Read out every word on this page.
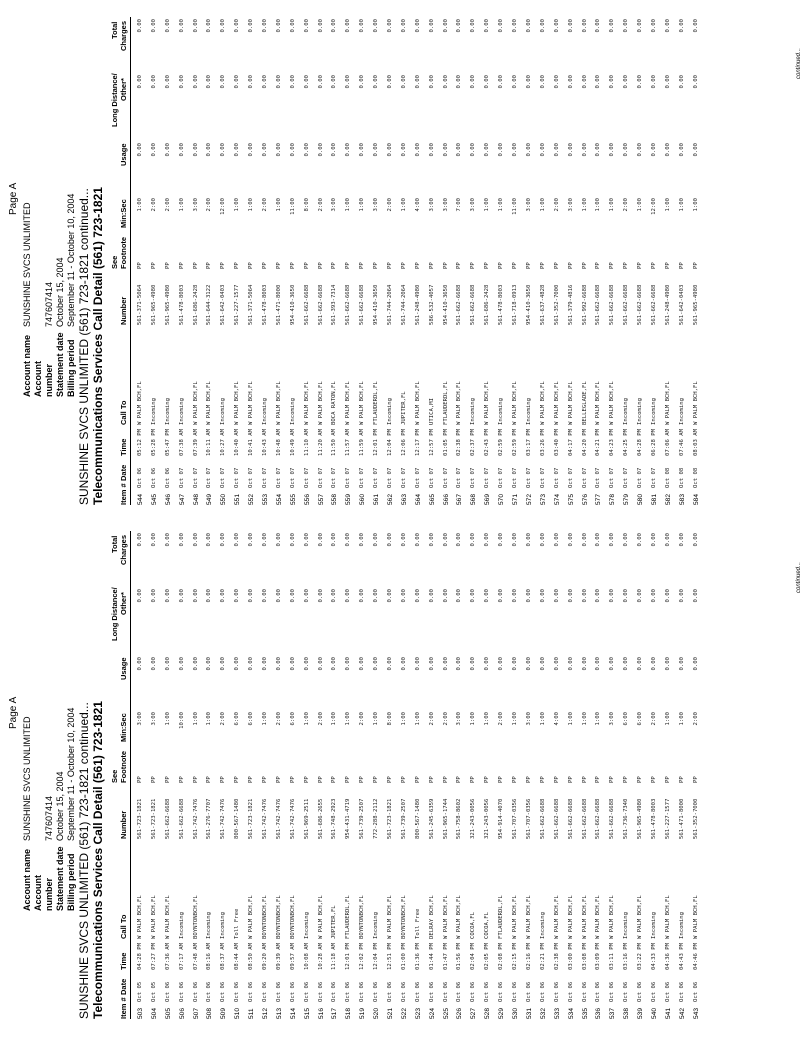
Page A
Account nameSUNSHINE SVCS UNLIMITED
Account number747607414
Statement dateOctober 15, 2004
Billing periodSeptember 11 - October 10, 2004 SUNSHINE SVCS UNLIMITED (561) 723-1821 continued... Telecommunications Services Call Detail (561) 723-1821 Item #
Date
Time
Call To
Number
See Footnote
Min:Sec
Usage
Long Distance/ Other*
Total Charges
503
Oct 05
04:28 PM
W PALM BCH,FL
561-723-1821
PP
3:00
0.00
0.00
0.00
504
Oct 05
07:27 PM
W PALM BCH,FL
561-723-1821
PP
3:00
0.00
0.00
0.00
505
Oct 06
07:36 AM
W PALM BCH,FL
561-662-6688
PP
1:00
0.00
0.00
0.00
506
Oct 06
07:17 AM
Incoming
561-662-6688
PP
10:00
0.00
0.00
0.00
507
Oct 06
07:48 AM
BOYNTONBCH,FL
561-742-7476
PP
1:00
0.00
0.00
0.00
508
Oct 06
08:16 AM
Incoming
561-276-7707
PP
1:00
0.00
0.00
0.00
509
Oct 06
08:37 AM
Incoming
561-742-7476
PP
2:00
0.00
0.00
0.00
510
Oct 06
08:44 AM
Toll Free
800-567-1480
PP
6:00
0.00
0.00
0.00
511
Oct 06
08:50 AM
W PALM BCH,FL
561-723-1821
PP
6:00
0.00
0.00
0.00
512
Oct 06
09:20 AM
BOYNTONBCH,FL
561-742-7476
PP
1:00
0.00
0.00
0.00
513
Oct 06
09:39 AM
BOYNTONBCH,FL
561-742-7476
PP
2:00
0.00
0.00
0.00
514
Oct 06
09:57 AM
BOYNTONBCH,FL
561-742-7476
PP
6:00
0.00
0.00
0.00
515
Oct 06
10:08 AM
Incoming
561-969-2511
PP
1:00
0.00
0.00
0.00
516
Oct 06
10:28 AM
W PALM BCH,FL
561-686-2655
PP
2:00
0.00
0.00
0.00
517
Oct 06
11:18 AM
JUPITER,FL
561-748-2923
PP
1:00
0.00
0.00
0.00
518
Oct 06
12:01 PM
FTLAUDERDL,FL
954-431-4719
PP
1:00
0.00
0.00
0.00
519
Oct 06
12:02 PM
BOYNTONBCH,FL
561-739-2507
PP
2:00
0.00
0.00
0.00
520
Oct 06
12:04 PM
Incoming
772-288-2112
PP
1:00
0.00
0.00
0.00
521
Oct 06
12:51 PM
W PALM BCH,FL
561-723-1821
PP
8:00
0.00
0.00
0.00
522
Oct 06
01:00 PM
BOYNTONBCH,FL
561-739-2507
PP
1:00
0.00
0.00
0.00
523
Oct 06
01:36 PM
Toll Free
800-567-1480
PP
1:00
0.00
0.00
0.00
524
Oct 06
01:44 PM
DELRAY BCH,FL
561-245-6359
PP
2:00
0.00
0.00
0.00
525
Oct 06
01:47 PM
W PALM BCH,FL
561-965-1744
PP
2:00
0.00
0.00
0.00
526
Oct 06
01:56 PM
W PALM BCH,FL
561-758-8602
PP
3:00
0.00
0.00
0.00
527
Oct 06
02:04 PM
COCOA,FL
321-243-0056
PP
1:00
0.00
0.00
0.00
528
Oct 06
02:05 PM
COCOA,FL
321-243-0056
PP
1:00
0.00
0.00
0.00
529
Oct 06
02:08 PM
FTLAUDERDL,FL
954-914-4070
PP
2:00
0.00
0.00
0.00
530
Oct 06
02:15 PM
W PALM BCH,FL
561-707-0356
PP
1:00
0.00
0.00
0.00
531
Oct 06
02:16 PM
W PALM BCH,FL
561-707-0356
PP
3:00
0.00
0.00
0.00
532
Oct 06
02:21 PM
Incoming
561-662-6688
PP
1:00
0.00
0.00
0.00
533
Oct 06
02:38 PM
W PALM BCH,FL
561-662-6688
PP
4:00
0.00
0.00
0.00
534
Oct 06
03:00 PM
W PALM BCH,FL
561-662-6688
PP
1:00
0.00
0.00
0.00
535
Oct 06
03:08 PM
W PALM BCH,FL
561-662-6688
PP
1:00
0.00
0.00
0.00
536
Oct 06
03:09 PM
W PALM BCH,FL
561-662-6688
PP
1:00
0.00
0.00
0.00
537
Oct 06
03:11 PM
W PALM BCH,FL
561-662-6688
PP
3:00
0.00
0.00
0.00
538
Oct 06
03:16 PM
Incoming
561-736-7340
PP
6:00
0.00
0.00
0.00
539
Oct 06
03:22 PM
W PALM BCH,FL
561-965-4980
PP
6:00
0.00
0.00
0.00
540
Oct 06
04:33 PM
Incoming
561-478-8003
PP
2:00
0.00
0.00
0.00
541
Oct 06
04:36 PM
W PALM BCH,FL
561-227-1577
PP
1:00
0.00
0.00
0.00
542
Oct 06
04:43 PM
Incoming
561-471-8000
PP
1:00
0.00
0.00
0.00
543
Oct 06
04:46 PM
W PALM BCH,FL
561-352-7000
PP
2:00
0.00
0.00
0.00
continued...
Page A
Account nameSUNSHINE SVCS UNLIMITED
Account number747607414
Statement dateOctober 15, 2004
Billing periodSeptember 11 - October 10, 2004 SUNSHINE SVCS UNLIMITED (561) 723-1821 continued... Telecommunications Services Call Detail (561) 723-1821 Item #
Date
Time
Call To
Number
See Footnote
Min:Sec
Usage
Long Distance/ Other*
Total Charges
544
Oct 06
05:12 PM
W PALM BCH,FL
561-371-5064
PP
1:00
0.00
0.00
0.00
545
Oct 06
05:28 PM
Incoming
561-965-4980
PP
2:00
0.00
0.00
0.00
546
Oct 06
05:47 PM
Incoming
561-965-4980
PP
2:00
0.00
0.00
0.00
547
Oct 07
07:38 AM
Incoming
561-478-8003
PP
1:00
0.00
0.00
0.00
548
Oct 07
07:39 AM
W PALM BCH,FL
561-686-2428
PP
3:00
0.00
0.00
0.00
549
Oct 07
10:11 AM
W PALM BCH,FL
561-644-3122
PP
2:00
0.00
0.00
0.00
550
Oct 07
10:27 AM
Incoming
561-642-0403
PP
12:00
0.00
0.00
0.00
551
Oct 07
10:40 AM
W PALM BCH,FL
561-227-1577
PP
1:00
0.00
0.00
0.00
552
Oct 07
10:41 AM
W PALM BCH,FL
561-371-5064
PP
1:00
0.00
0.00
0.00
553
Oct 07
10:43 AM
Incoming
561-478-8003
PP
2:00
0.00
0.00
0.00
554
Oct 07
10:48 AM
W PALM BCH,FL
561-471-8000
PP
1:00
0.00
0.00
0.00
555
Oct 07
10:49 AM
Incoming
954-410-3650
PP
11:00
0.00
0.00
0.00
556
Oct 07
11:10 AM
W PALM BCH,FL
561-662-6688
PP
8:00
0.00
0.00
0.00
557
Oct 07
11:20 AM
W PALM BCH,FL
561-662-6688
PP
2:00
0.00
0.00
0.00
558
Oct 07
11:50 AM
BOCA RATON,FL
561-393-7314
PP
3:00
0.00
0.00
0.00
559
Oct 07
11:57 AM
W PALM BCH,FL
561-662-6688
PP
1:00
0.00
0.00
0.00
560
Oct 07
11:59 AM
W PALM BCH,FL
561-662-6688
PP
1:00
0.00
0.00
0.00
561
Oct 07
12:01 PM
FTLAUDERDL,FL
954-410-3650
PP
3:00
0.00
0.00
0.00
562
Oct 07
12:04 PM
Incoming
561-744-2064
PP
2:00
0.00
0.00
0.00
563
Oct 07
12:06 PM
JUPITER,FL
561-744-2064
PP
1:00
0.00
0.00
0.00
564
Oct 07
12:17 PM
W PALM BCH,FL
561-248-4980
PP
4:00
0.00
0.00
0.00
565
Oct 07
12:57 PM
UTICA,MI
586-532-4057
PP
3:00
0.00
0.00
0.00
566
Oct 07
01:05 PM
FTLAUDERDL,FL
954-410-3650
PP
3:00
0.00
0.00
0.00
567
Oct 07
02:38 PM
W PALM BCH,FL
561-662-6688
PP
7:00
0.00
0.00
0.00
568
Oct 07
02:37 PM
Incoming
561-662-6688
PP
3:00
0.00
0.00
0.00
569
Oct 07
02:43 PM
W PALM BCH,FL
561-686-2428
PP
1:00
0.00
0.00
0.00
570
Oct 07
02:59 PM
Incoming
561-478-8003
PP
1:00
0.00
0.00
0.00
571
Oct 07
02:59 PM
W PALM BCH,FL
561-718-0913
PP
11:00
0.00
0.00
0.00
572
Oct 07
03:17 PM
Incoming
954-410-3650
PP
3:00
0.00
0.00
0.00
573
Oct 07
03:26 PM
W PALM BCH,FL
561-637-4828
PP
1:00
0.00
0.00
0.00
574
Oct 07
03:40 PM
W PALM BCH,FL
561-352-7000
PP
2:00
0.00
0.00
0.00
575
Oct 07
04:17 PM
W PALM BCH,FL
561-379-4816
PP
3:00
0.00
0.00
0.00
576
Oct 07
04:20 PM
BELLEGLADE,FL
561-992-6688
PP
1:00
0.00
0.00
0.00
577
Oct 07
04:21 PM
W PALM BCH,FL
561-662-6688
PP
1:00
0.00
0.00
0.00
578
Oct 07
04:23 PM
W PALM BCH,FL
561-662-6688
PP
1:00
0.00
0.00
0.00
579
Oct 07
04:25 PM
Incoming
561-662-6688
PP
2:00
0.00
0.00
0.00
580
Oct 07
04:28 PM
Incoming
561-662-6688
PP
1:00
0.00
0.00
0.00
581
Oct 07
06:28 PM
Incoming
561-662-6688
PP
12:00
0.00
0.00
0.00
582
Oct 08
07:06 AM
W PALM BCH,FL
561-248-4980
PP
1:00
0.00
0.00
0.00
583
Oct 08
07:46 AM
Incoming
561-642-0403
PP
1:00
0.00
0.00
0.00
584
Oct 08
08:03 AM
W PALM BCH,FL
561-965-4980
PP
1:00
0.00
0.00
0.00
continued...
